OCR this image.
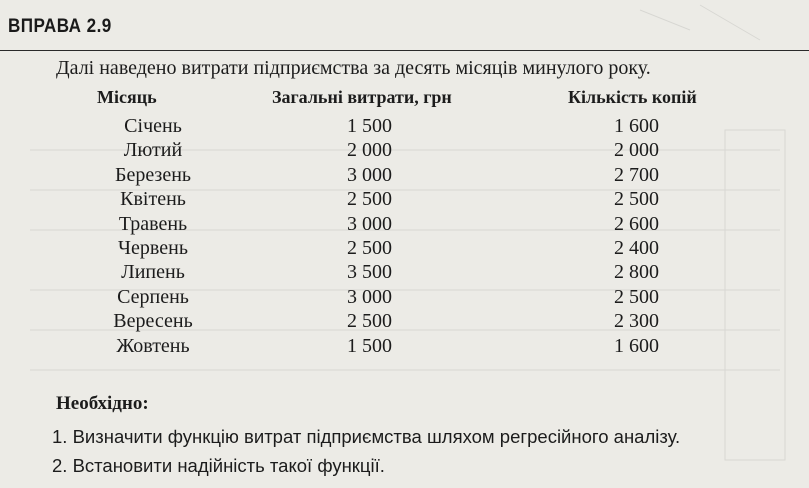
ВПРАВА 2.9
Далі наведено витрати підприємства за десять місяців минулого року.
Місяць	Загальні витрати, грн	Кількість копій
Січень	1 500	1 600
Лютий	2 000	2 000
Березень	3 000	2 700
Квітень	2 500	2 500
Травень	3 000	2 600
Червень	2 500	2 400
Липень	3 500	2 800
Серпень	3 000	2 500
Вересень	2 500	2 300
Жовтень	1 500	1 600
Необхідно:
1. Визначити функцію витрат підприємства шляхом регресійного аналізу.
2. Встановити надійність такої функції.
